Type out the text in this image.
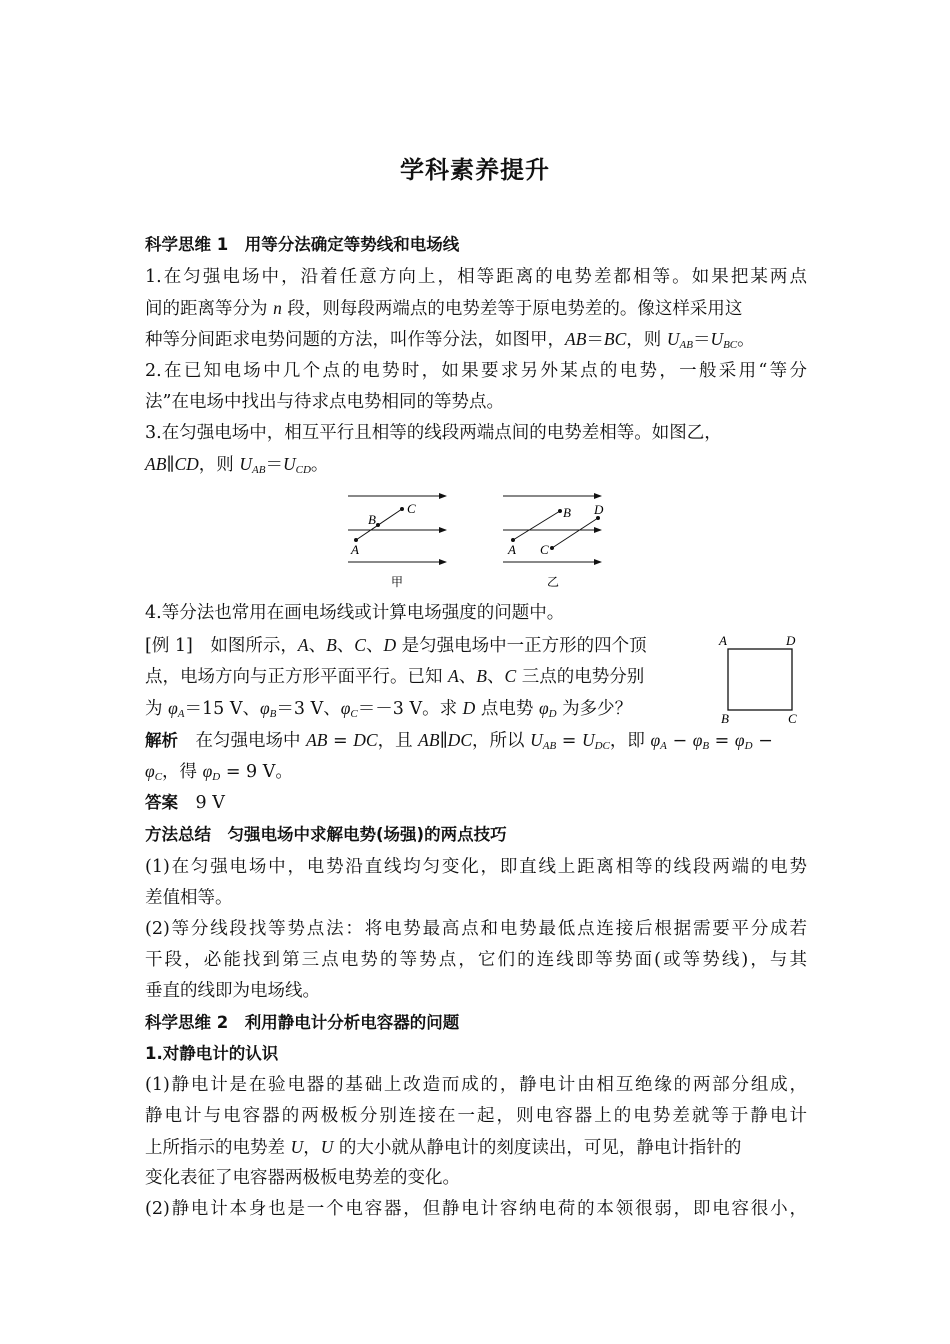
学科素养提升
科学思维 1　用等分法确定等势线和电场线
1.在匀强电场中，沿着任意方向上，相等距离的电势差都相等。如果把某两点
间的距离等分为 n 段，则每段两端点的电势差等于原电势差的。像这样采用这
种等分间距求电势问题的方法，叫作等分法，如图甲，AB＝BC，则 $U_{AB}=U_{BC}$。
2.在已知电场中几个点的电势时，如果要求另外某点的电势，一般采用“等分
法”在电场中找出与待求点电势相同的等势点。
3.在匀强电场中，相互平行且相等的线段两端点间的电势差相等。如图乙，
AB∥CD，则 $U_{AB}=U_{CD}$。
A
B
C
甲
A
B
C
D
乙
4.等分法也常用在画电场线或计算电场强度的问题中。
[例 1]　如图所示，A、B、C、D 是匀强电场中一正方形的四个顶
点，电场方向与正方形平面平行。已知 A、B、C 三点的电势分别
为 $\varphi_A=15$ V、$\varphi_B=3$ V、$\varphi_C=-3$ V。求 D 点电势 $\varphi_D$ 为多少？
A	D
B	C
解析　在匀强电场中 AB = DC，且 AB∥DC，所以 $U_{AB} = U_{DC}$，即 $\varphi_A - \varphi_B = \varphi_D$ −
$\varphi_C$，得 $\varphi_D = 9$ V。
答案　9 V
方法总结　匀强电场中求解电势(场强)的两点技巧
(1)在匀强电场中，电势沿直线均匀变化，即直线上距离相等的线段两端的电势
差值相等。
(2)等分线段找等势点法：将电势最高点和电势最低点连接后根据需要平分成若
干段，必能找到第三点电势的等势点，它们的连线即等势面(或等势线)，与其
垂直的线即为电场线。
科学思维 2　利用静电计分析电容器的问题
1.对静电计的认识
(1)静电计是在验电器的基础上改造而成的，静电计由相互绝缘的两部分组成，
静电计与电容器的两极板分别连接在一起，则电容器上的电势差就等于静电计
上所指示的电势差 U，U 的大小就从静电计的刻度读出，可见，静电计指针的
变化表征了电容器两极板电势差的变化。
(2)静电计本身也是一个电容器，但静电计容纳电荷的本领很弱，即电容很小，
